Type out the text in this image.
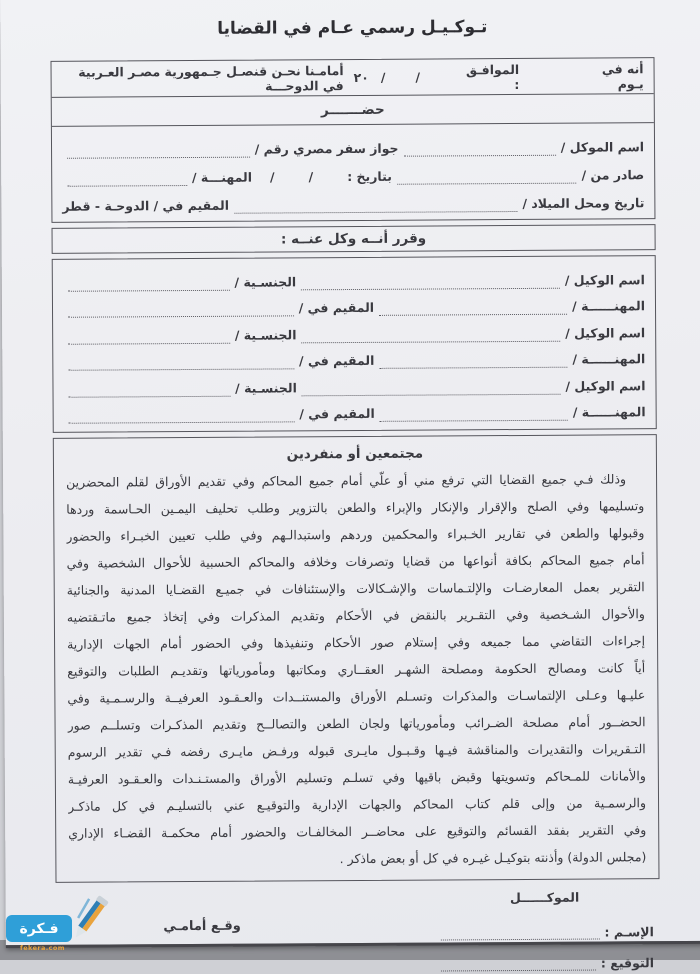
تـوكـيـل رسمي عـام في القضايا
أنه في يـوم
الموافـق :
/
/
٢٠
أمامـنا نحـن قنصـل جـمهورية مصـر العـربية في الدوحـــة
حضـــــــر
اسم الموكل /
جواز سفر مصري رقم /
صادر من /
بتاريخ :
/
/
المهنـــة /
تاريخ ومحل الميلاد /
المقيم في / الدوحـة - قطر
وقرر أنــه وكل عنــه :
اسم الوكيل /
الجنسـية /
المهنــــــة /
المقيم في /
اسم الوكيل /
الجنسـية /
المهنــــــة /
المقيم في /
اسم الوكيل /
الجنسـية /
المهنــــــة /
المقيم في /
مجتمعين أو منفردين
وذلك فـي جميع القضايا التي ترفع مني أو علّي أمام جميع المحاكم وفي تقديم الأوراق لقلم المحضرين
وتسليمها وفي الصلح والإقرار والإنكار والإبراء والطعن بالتزوير وطلب تحليف اليمـين الحـاسمة وردها
وقبولها والطعن في تقارير الخـبراء والمحكمين وردهم واستبدالـهم وفي طلب تعيين الخبـراء والحضور
أمام جميع المحاكم بكافة أنواعها من قضايا وتصرفات وخلافه والمحاكم الحسبية للأحوال الشخصية وفي
التقرير بعمل المعارضـات والإلتـماسات والإشـكالات والإستئنافات في جميـع القضـايا المدنية والجنائية
والأحوال الشـخصية وفي التقـرير بالنقض في الأحكام وتقديم المذكرات وفي إتخاذ جميع ماتـقتضيه
إجراءات التقاضي مما جميعه وفي إستلام صور الأحكام وتنفيذها وفي الحضور أمام الجهات الإدارية
أياً كانت ومصالح الحكومة ومصلحة الشهـر العقــاري ومكاتبها ومأمورياتها وتقديـم الطلبات والتوقيع
عليـها وعـلى الإلتماسـات والمذكرات وتسـلم الأوراق والمستنــدات والعـقـود العرفيــة والرسـمـية وفي
الحضــور أمام مصلحة الضـرائب ومأمورياتها ولجان الطعن والتصالــح وتقديم المذكـرات وتسلــم صور
التـقريرات والتقديرات والمناقشة فيـها وقـبـول مايـرى قبوله ورفـض مايـرى رفضه فـي تقدير الرسوم
والأمانات للمـحاكم وتسويتها وقبض باقيها وفي تسلـم وتسليم الأوراق والمستـنـدات والعـقـود العرفيـة
والرسمـية من وإلى قلم كتاب المحاكم والجهات الإدارية والتوقيـع عني بالتسليـم في كل ماذكـر
وفي التقرير بفقد القسائم والتوقيع على محاضــر المخالفـات والحضور أمام محكمـة القضـاء الإداري
(مجلس الدولة) وأذنته بتوكيـل غيـره في كل أو بعض ماذكر .
الموكــــــل
الإسـم :
التوقيع :
وقـع أمامـي
فـكرة
fekera.com
